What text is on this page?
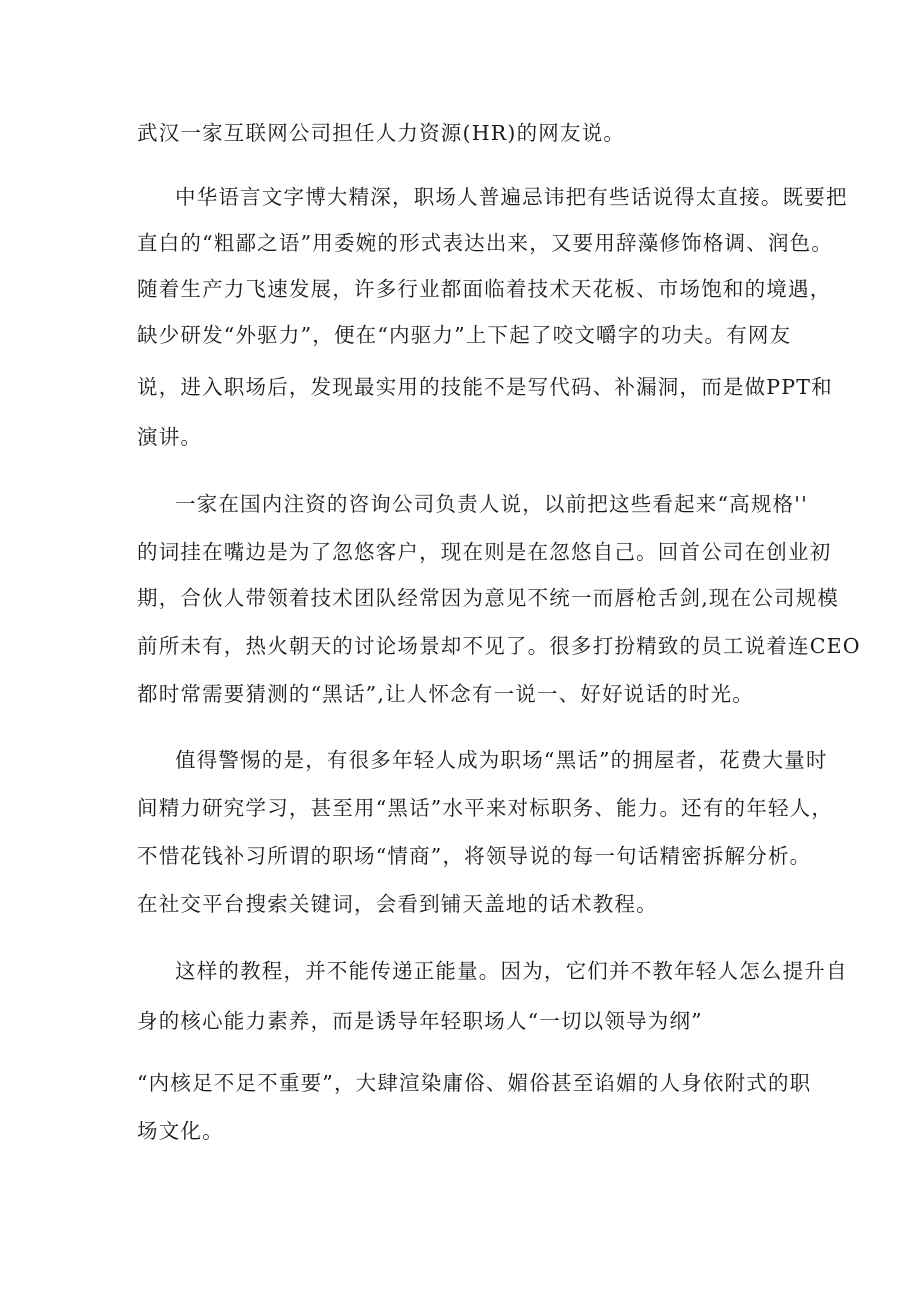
武汉一家互联网公司担任人力资源(HR)的网友说。
中华语言文字博大精深，职场人普遍忌讳把有些话说得太直接。既要把
直白的“粗鄙之语”用委婉的形式表达出来，又要用辞藻修饰格调、润色。
随着生产力飞速发展，许多行业都面临着技术天花板、市场饱和的境遇，
缺少研发“外驱力”，便在“内驱力”上下起了咬文嚼字的功夫。有网友
说，进入职场后，发现最实用的技能不是写代码、补漏洞，而是做PPT和
演讲。
一家在国内注资的咨询公司负责人说，以前把这些看起来“高规格''
的词挂在嘴边是为了忽悠客户，现在则是在忽悠自己。回首公司在创业初
期，合伙人带领着技术团队经常因为意见不统一而唇枪舌剑,现在公司规模
前所未有，热火朝天的讨论场景却不见了。很多打扮精致的员工说着连CEO
都时常需要猜测的“黑话”,让人怀念有一说一、好好说话的时光。
值得警惕的是，有很多年轻人成为职场“黑话”的拥屋者，花费大量时
间精力研究学习，甚至用“黑话”水平来对标职务、能力。还有的年轻人，
不惜花钱补习所谓的职场“情商”，将领导说的每一句话精密拆解分析。
在社交平台搜索关键词，会看到铺天盖地的话术教程。
这样的教程，并不能传递正能量。因为，它们并不教年轻人怎么提升自
身的核心能力素养，而是诱导年轻职场人“一切以领导为纲”
“内核足不足不重要”，大肆渲染庸俗、媚俗甚至谄媚的人身依附式的职
场文化。
